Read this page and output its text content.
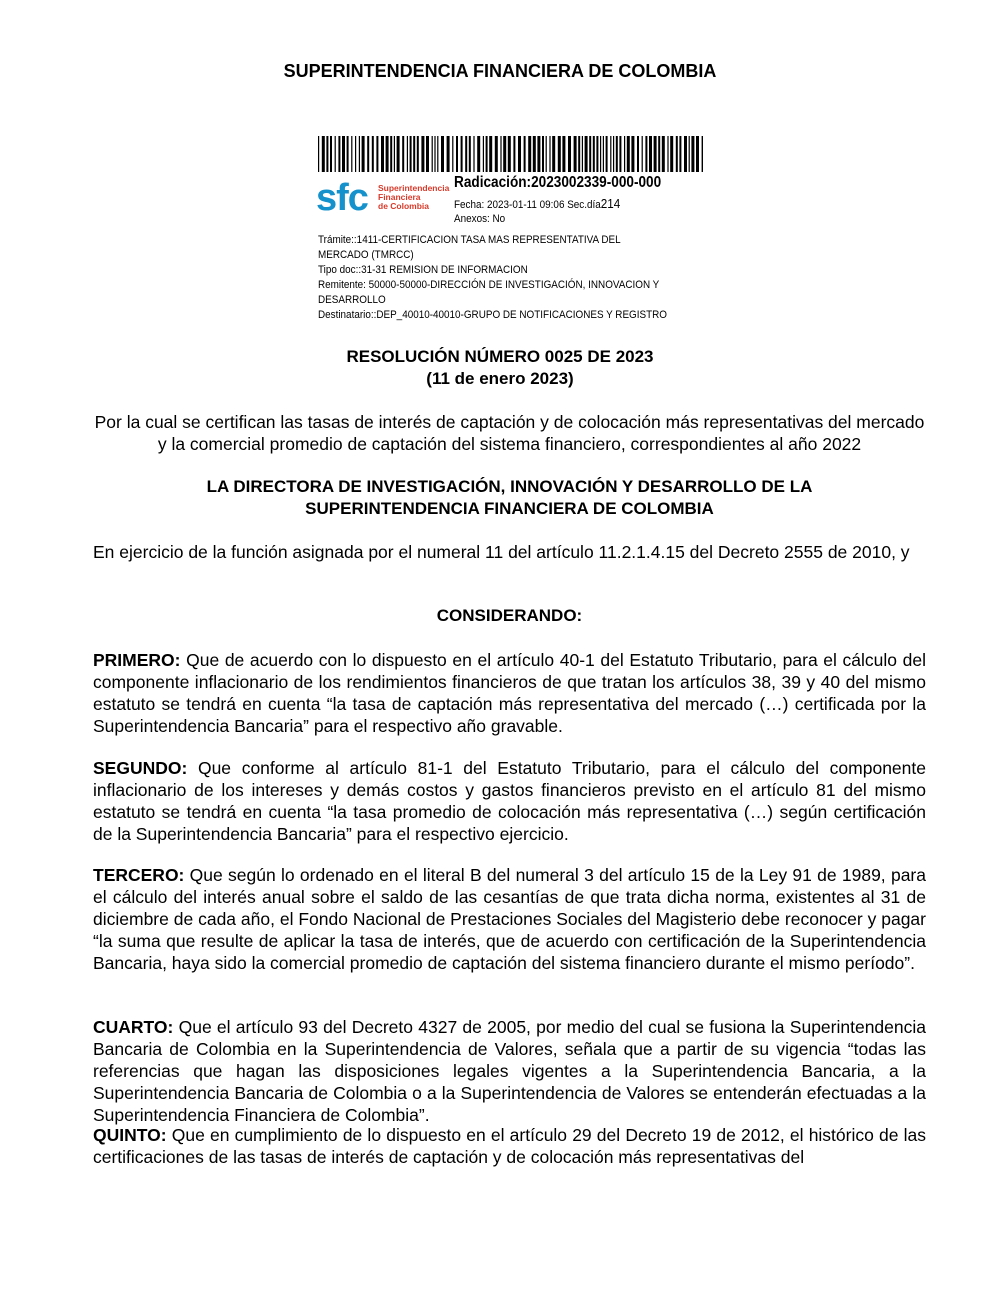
SUPERINTENDENCIA FINANCIERA DE COLOMBIA
sfc Superintendencia
Financiera
de Colombia
Radicación:2023002339-000-000
Fecha: 2023-01-11 09:06 Sec.día214
Anexos: No
Trámite::1411-CERTIFICACION TASA MAS REPRESENTATIVA DEL
MERCADO (TMRCC)
Tipo doc::31-31 REMISION DE INFORMACION
Remitente: 50000-50000-DIRECCIÓN DE INVESTIGACIÓN, INNOVACION Y
DESARROLLO
Destinatario::DEP_40010-40010-GRUPO DE NOTIFICACIONES Y REGISTRO
RESOLUCIÓN NÚMERO 0025 DE 2023
(11 de enero 2023)
Por la cual se certifican las tasas de interés de captación y de colocación más representativas del mercado y la comercial promedio de captación del sistema financiero, correspondientes al año 2022
LA DIRECTORA DE INVESTIGACIÓN, INNOVACIÓN Y DESARROLLO DE LA
SUPERINTENDENCIA FINANCIERA DE COLOMBIA
En ejercicio de la función asignada por el numeral 11 del artículo 11.2.1.4.15 del Decreto 2555 de 2010, y
CONSIDERANDO:
PRIMERO: Que de acuerdo con lo dispuesto en el artículo 40-1 del Estatuto Tributario, para el cálculo del componente inflacionario de los rendimientos financieros de que tratan los artículos 38, 39 y 40 del mismo estatuto se tendrá en cuenta “la tasa de captación más representativa del mercado (…) certificada por la Superintendencia Bancaria” para el respectivo año gravable.
SEGUNDO: Que conforme al artículo 81-1 del Estatuto Tributario, para el cálculo del componente inflacionario de los intereses y demás costos y gastos financieros previsto en el artículo 81 del mismo estatuto se tendrá en cuenta “la tasa promedio de colocación más representativa (…) según certificación de la Superintendencia Bancaria” para el respectivo ejercicio.
TERCERO: Que según lo ordenado en el literal B del numeral 3 del artículo 15 de la Ley 91 de 1989, para el cálculo del interés anual sobre el saldo de las cesantías de que trata dicha norma, existentes al 31 de diciembre de cada año, el Fondo Nacional de Prestaciones Sociales del Magisterio debe reconocer y pagar “la suma que resulte de aplicar la tasa de interés, que de acuerdo con certificación de la Superintendencia Bancaria, haya sido la comercial promedio de captación del sistema financiero durante el mismo período”.
CUARTO: Que el artículo 93 del Decreto 4327 de 2005, por medio del cual se fusiona la Superintendencia Bancaria de Colombia en la Superintendencia de Valores, señala que a partir de su vigencia “todas las referencias que hagan las disposiciones legales vigentes a la Superintendencia Bancaria, a la Superintendencia Bancaria de Colombia o a la Superintendencia de Valores se entenderán efectuadas a la Superintendencia Financiera de Colombia”.
QUINTO: Que en cumplimiento de lo dispuesto en el artículo 29 del Decreto 19 de 2012, el histórico de las certificaciones de las tasas de interés de captación y de colocación más representativas del
